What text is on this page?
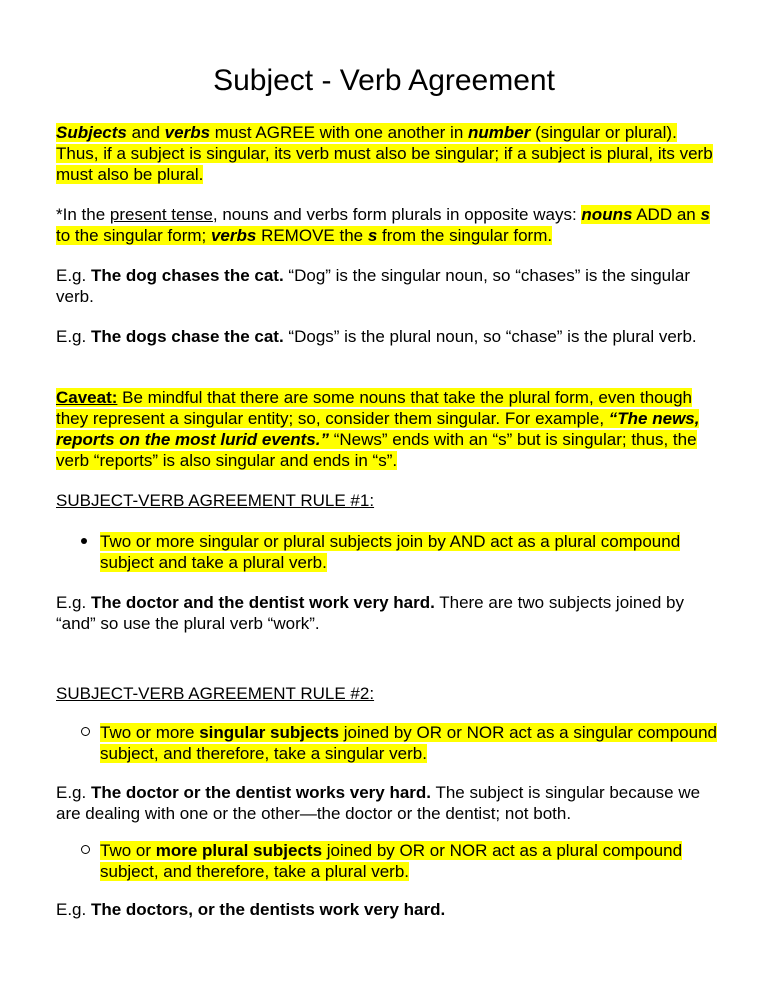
Subject - Verb Agreement

Subjects and verbs must AGREE with one another in number (singular or plural). Thus, if a subject is singular, its verb must also be singular; if a subject is plural, its verb must also be plural.

*In the present tense, nouns and verbs form plurals in opposite ways: nouns ADD an s to the singular form; verbs REMOVE the s from the singular form.

E.g. The dog chases the cat. “Dog” is the singular noun, so “chases” is the singular verb.

E.g. The dogs chase the cat. “Dogs” is the plural noun, so “chase” is the plural verb.

Caveat: Be mindful that there are some nouns that take the plural form, even though they represent a singular entity; so, consider them singular. For example, “The news, reports on the most lurid events.” “News” ends with an “s” but is singular; thus, the verb “reports” is also singular and ends in “s”.

SUBJECT-VERB AGREEMENT RULE #1:

Two or more singular or plural subjects join by AND act as a plural compound subject and take a plural verb.

E.g. The doctor and the dentist work very hard. There are two subjects joined by “and” so use the plural verb “work”.

SUBJECT-VERB AGREEMENT RULE #2:

Two or more singular subjects joined by OR or NOR act as a singular compound subject, and therefore, take a singular verb.

E.g. The doctor or the dentist works very hard. The subject is singular because we are dealing with one or the other—the doctor or the dentist; not both.

Two or more plural subjects joined by OR or NOR act as a plural compound subject, and therefore, take a plural verb.

E.g. The doctors, or the dentists work very hard.
